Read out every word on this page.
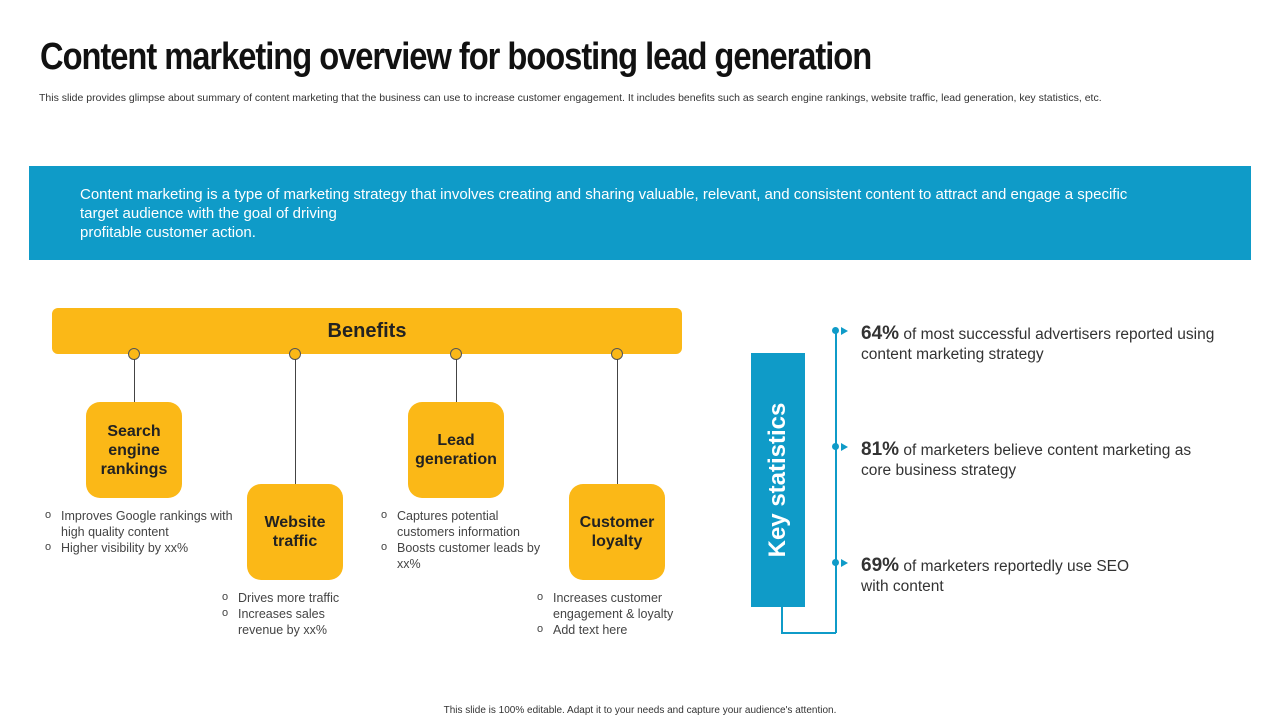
Content marketing overview for boosting lead generation
This slide provides glimpse about summary of content marketing that the business can use to increase customer engagement. It includes benefits such as search engine rankings, website traffic, lead generation, key statistics, etc.
Content marketing is a type of marketing strategy that involves creating and sharing valuable, relevant, and consistent content to attract and engage a specific
target audience with the goal of driving
profitable customer action.
Benefits
Search engine rankings
Website traffic
Lead generation
Customer loyalty
o Improves Google rankings with high quality content
o Higher visibility by xx%
o Drives more traffic
o Increases sales revenue by xx%
o Captures potential customers information
o Boosts customer leads by xx%
o Increases customer engagement & loyalty
o Add text here
Key statistics
64% of most successful advertisers reported using content marketing strategy
81% of marketers believe content marketing as core business strategy
69% of marketers reportedly use SEO with content
This slide is 100% editable. Adapt it to your needs and capture your audience's attention.
